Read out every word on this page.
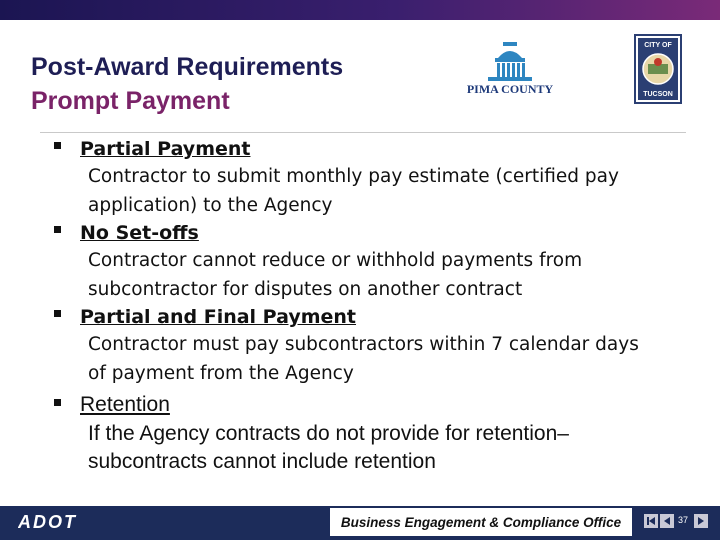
Post-Award Requirements
Prompt Payment	PIMA COUNTY
CITY OF
TUCSON
Partial Payment
Contractor to submit monthly pay estimate (certified pay
application) to the Agency
No Set-offs
Contractor cannot reduce or withhold payments from
subcontractor for disputes on another contract
Partial and Final Payment
Contractor must pay subcontractors within 7 calendar days
of payment from the Agency
Retention
If the Agency contracts do not provide for retention–
subcontracts cannot include retention
ADOT	Business Engagement & Compliance Office	37
